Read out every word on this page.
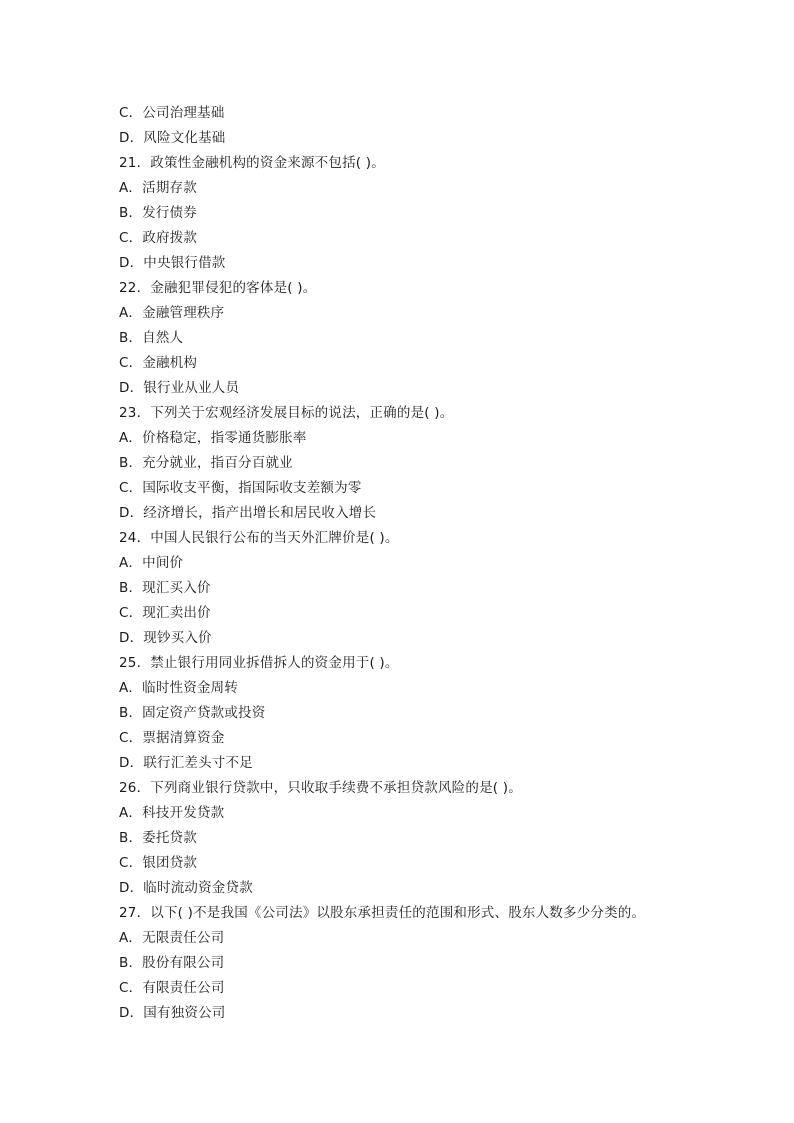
C．公司治理基础
D．风险文化基础
21．政策性金融机构的资金来源不包括( )。
A．活期存款
B．发行债券
C．政府拨款
D．中央银行借款
22．金融犯罪侵犯的客体是( )。
A．金融管理秩序
B．自然人
C．金融机构
D．银行业从业人员
23．下列关于宏观经济发展目标的说法，正确的是( )。
A．价格稳定，指零通货膨胀率
B．充分就业，指百分百就业
C．国际收支平衡，指国际收支差额为零
D．经济增长，指产出增长和居民收入增长
24．中国人民银行公布的当天外汇牌价是( )。
A．中间价
B．现汇买入价
C．现汇卖出价
D．现钞买入价
25．禁止银行用同业拆借拆人的资金用于( )。
A．临时性资金周转
B．固定资产贷款或投资
C．票据清算资金
D．联行汇差头寸不足
26．下列商业银行贷款中，只收取手续费不承担贷款风险的是( )。
A．科技开发贷款
B．委托贷款
C．银团贷款
D．临时流动资金贷款
27．以下( )不是我国《公司法》以股东承担责任的范围和形式、股东人数多少分类的。
A．无限责任公司
B．股份有限公司
C．有限责任公司
D．国有独资公司
